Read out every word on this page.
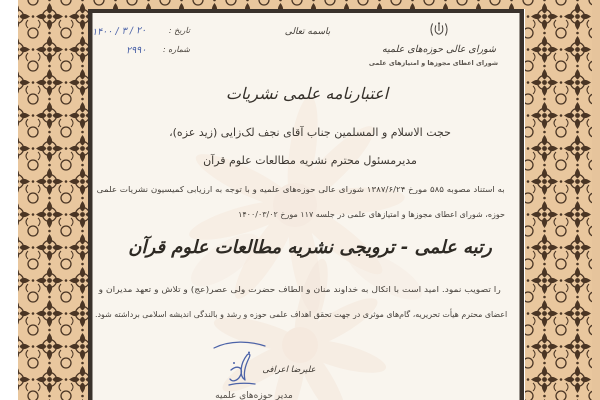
تاریخ :
۱۴۰۰ / ۳ / ۲۰
شماره :
۲۹۹۰
باسمه تعالی
شورای عالی حوزه‌های علمیه
شورای اعطای مجوزها و امتیازهای علمی
اعتبارنامه علمی نشریات
حجت الاسلام و المسلمین جناب آقای نجف لک‌زایی (زید عزه)،
مدیرمسئول محترم نشریه مطالعات علوم قرآن
به استناد مصوبه ۵۸۵ مورخ ۱۳۸۷/۶/۲۴ شورای عالی حوزه‌های علمیه و با توجه به ارزیابی کمیسیون نشریات علمی
حوزه، شورای اعطای مجوزها و امتیازهای علمی در جلسه ۱۱۷ مورخ ۱۴۰۰/۰۳/۰۲
رتبه علمی - ترویجی نشریه مطالعات علوم قرآن
را تصویب نمود. امید است با اتکال به خداوند منان و الطاف حضرت ولی عصر(عج) و تلاش و تعهد مدیران و
اعضای محترم هیأت تحریریه، گام‌های موثری در جهت تحقق اهداف علمی حوزه و رشد و بالندگی اندیشه اسلامی برداشته شود.
علیرضا اعرافی
مدیر حوزه‌های علمیه
